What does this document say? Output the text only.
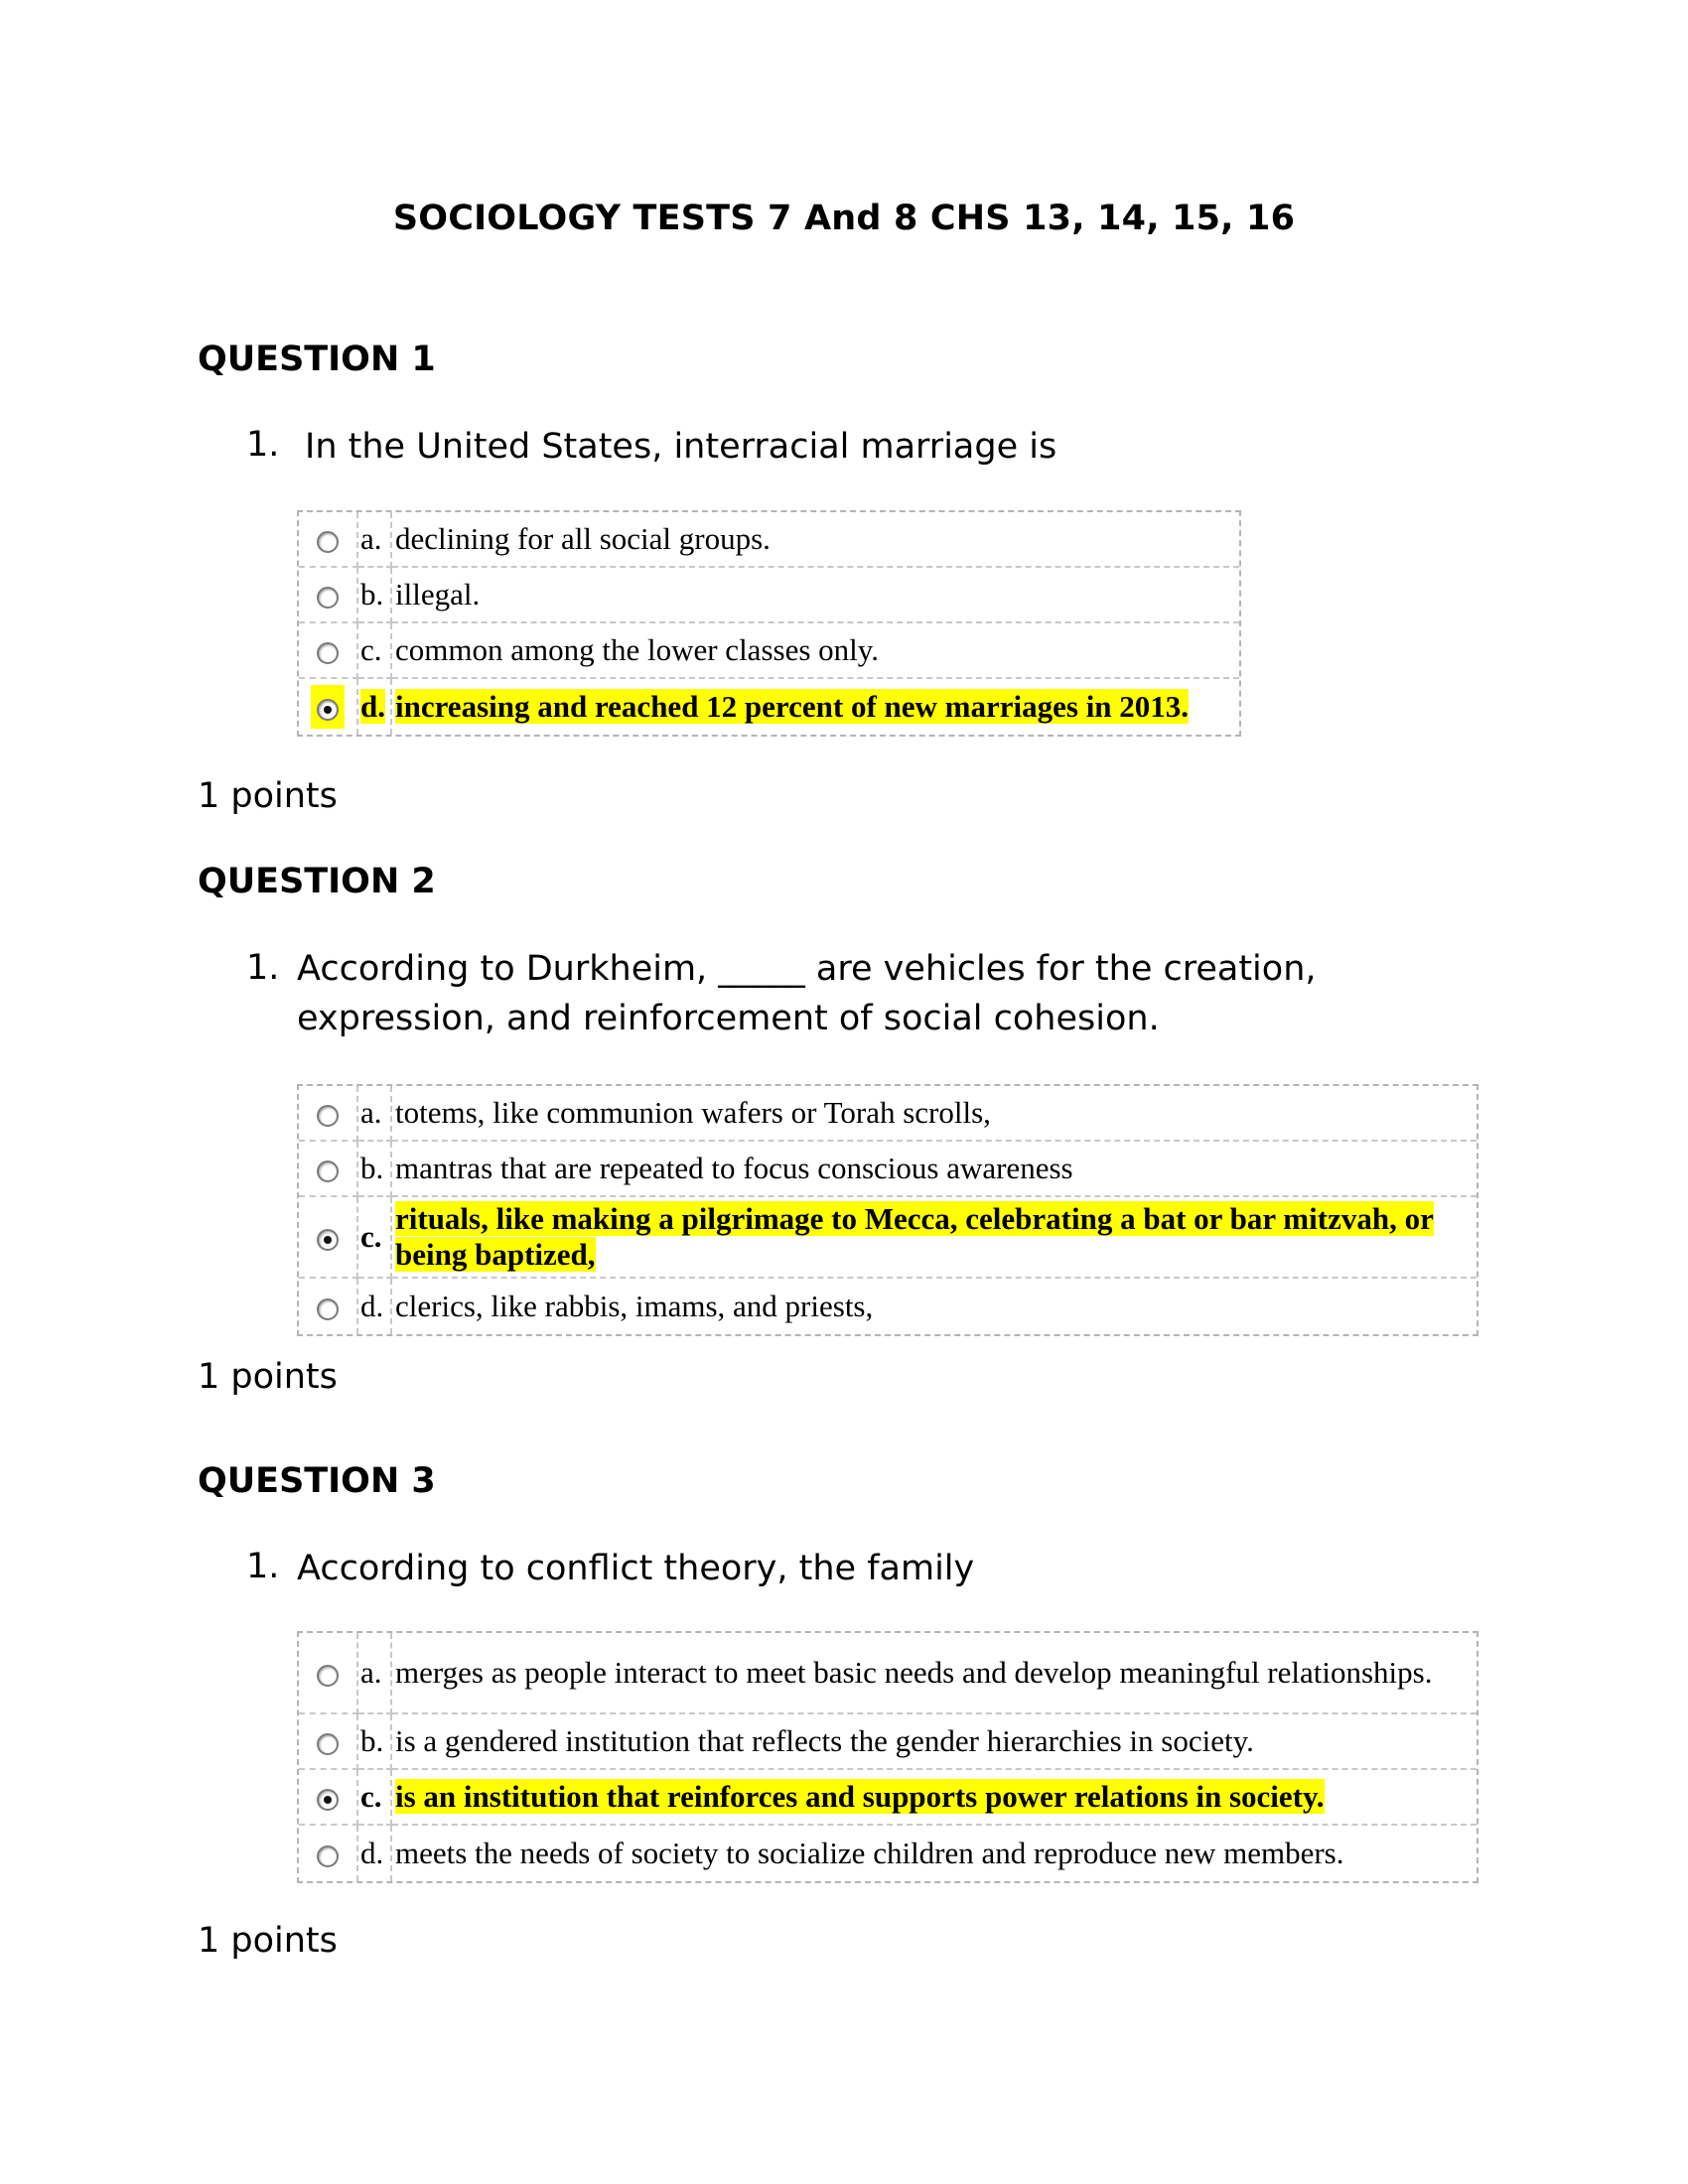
SOCIOLOGY TESTS 7 And 8 CHS 13, 14, 15, 16
QUESTION 1
1. In the United States, interracial marriage is
	a.	declining for all social groups.
	b.	illegal.
	c.	common among the lower classes only.
	d.	increasing and reached 12 percent of new marriages in 2013.
1 points
QUESTION 2
1. According to Durkheim, _____ are vehicles for the creation, expression, and reinforcement of social cohesion.
	a.	totems, like communion wafers or Torah scrolls,
	b.	mantras that are repeated to focus conscious awareness
	c.	rituals, like making a pilgrimage to Mecca, celebrating a bat or bar mitzvah, or being baptized,
	d.	clerics, like rabbis, imams, and priests,
1 points
QUESTION 3
1. According to conflict theory, the family
	a.	merges as people interact to meet basic needs and develop meaningful relationships.
	b.	is a gendered institution that reflects the gender hierarchies in society.
	c.	is an institution that reinforces and supports power relations in society.
	d.	meets the needs of society to socialize children and reproduce new members.
1 points
